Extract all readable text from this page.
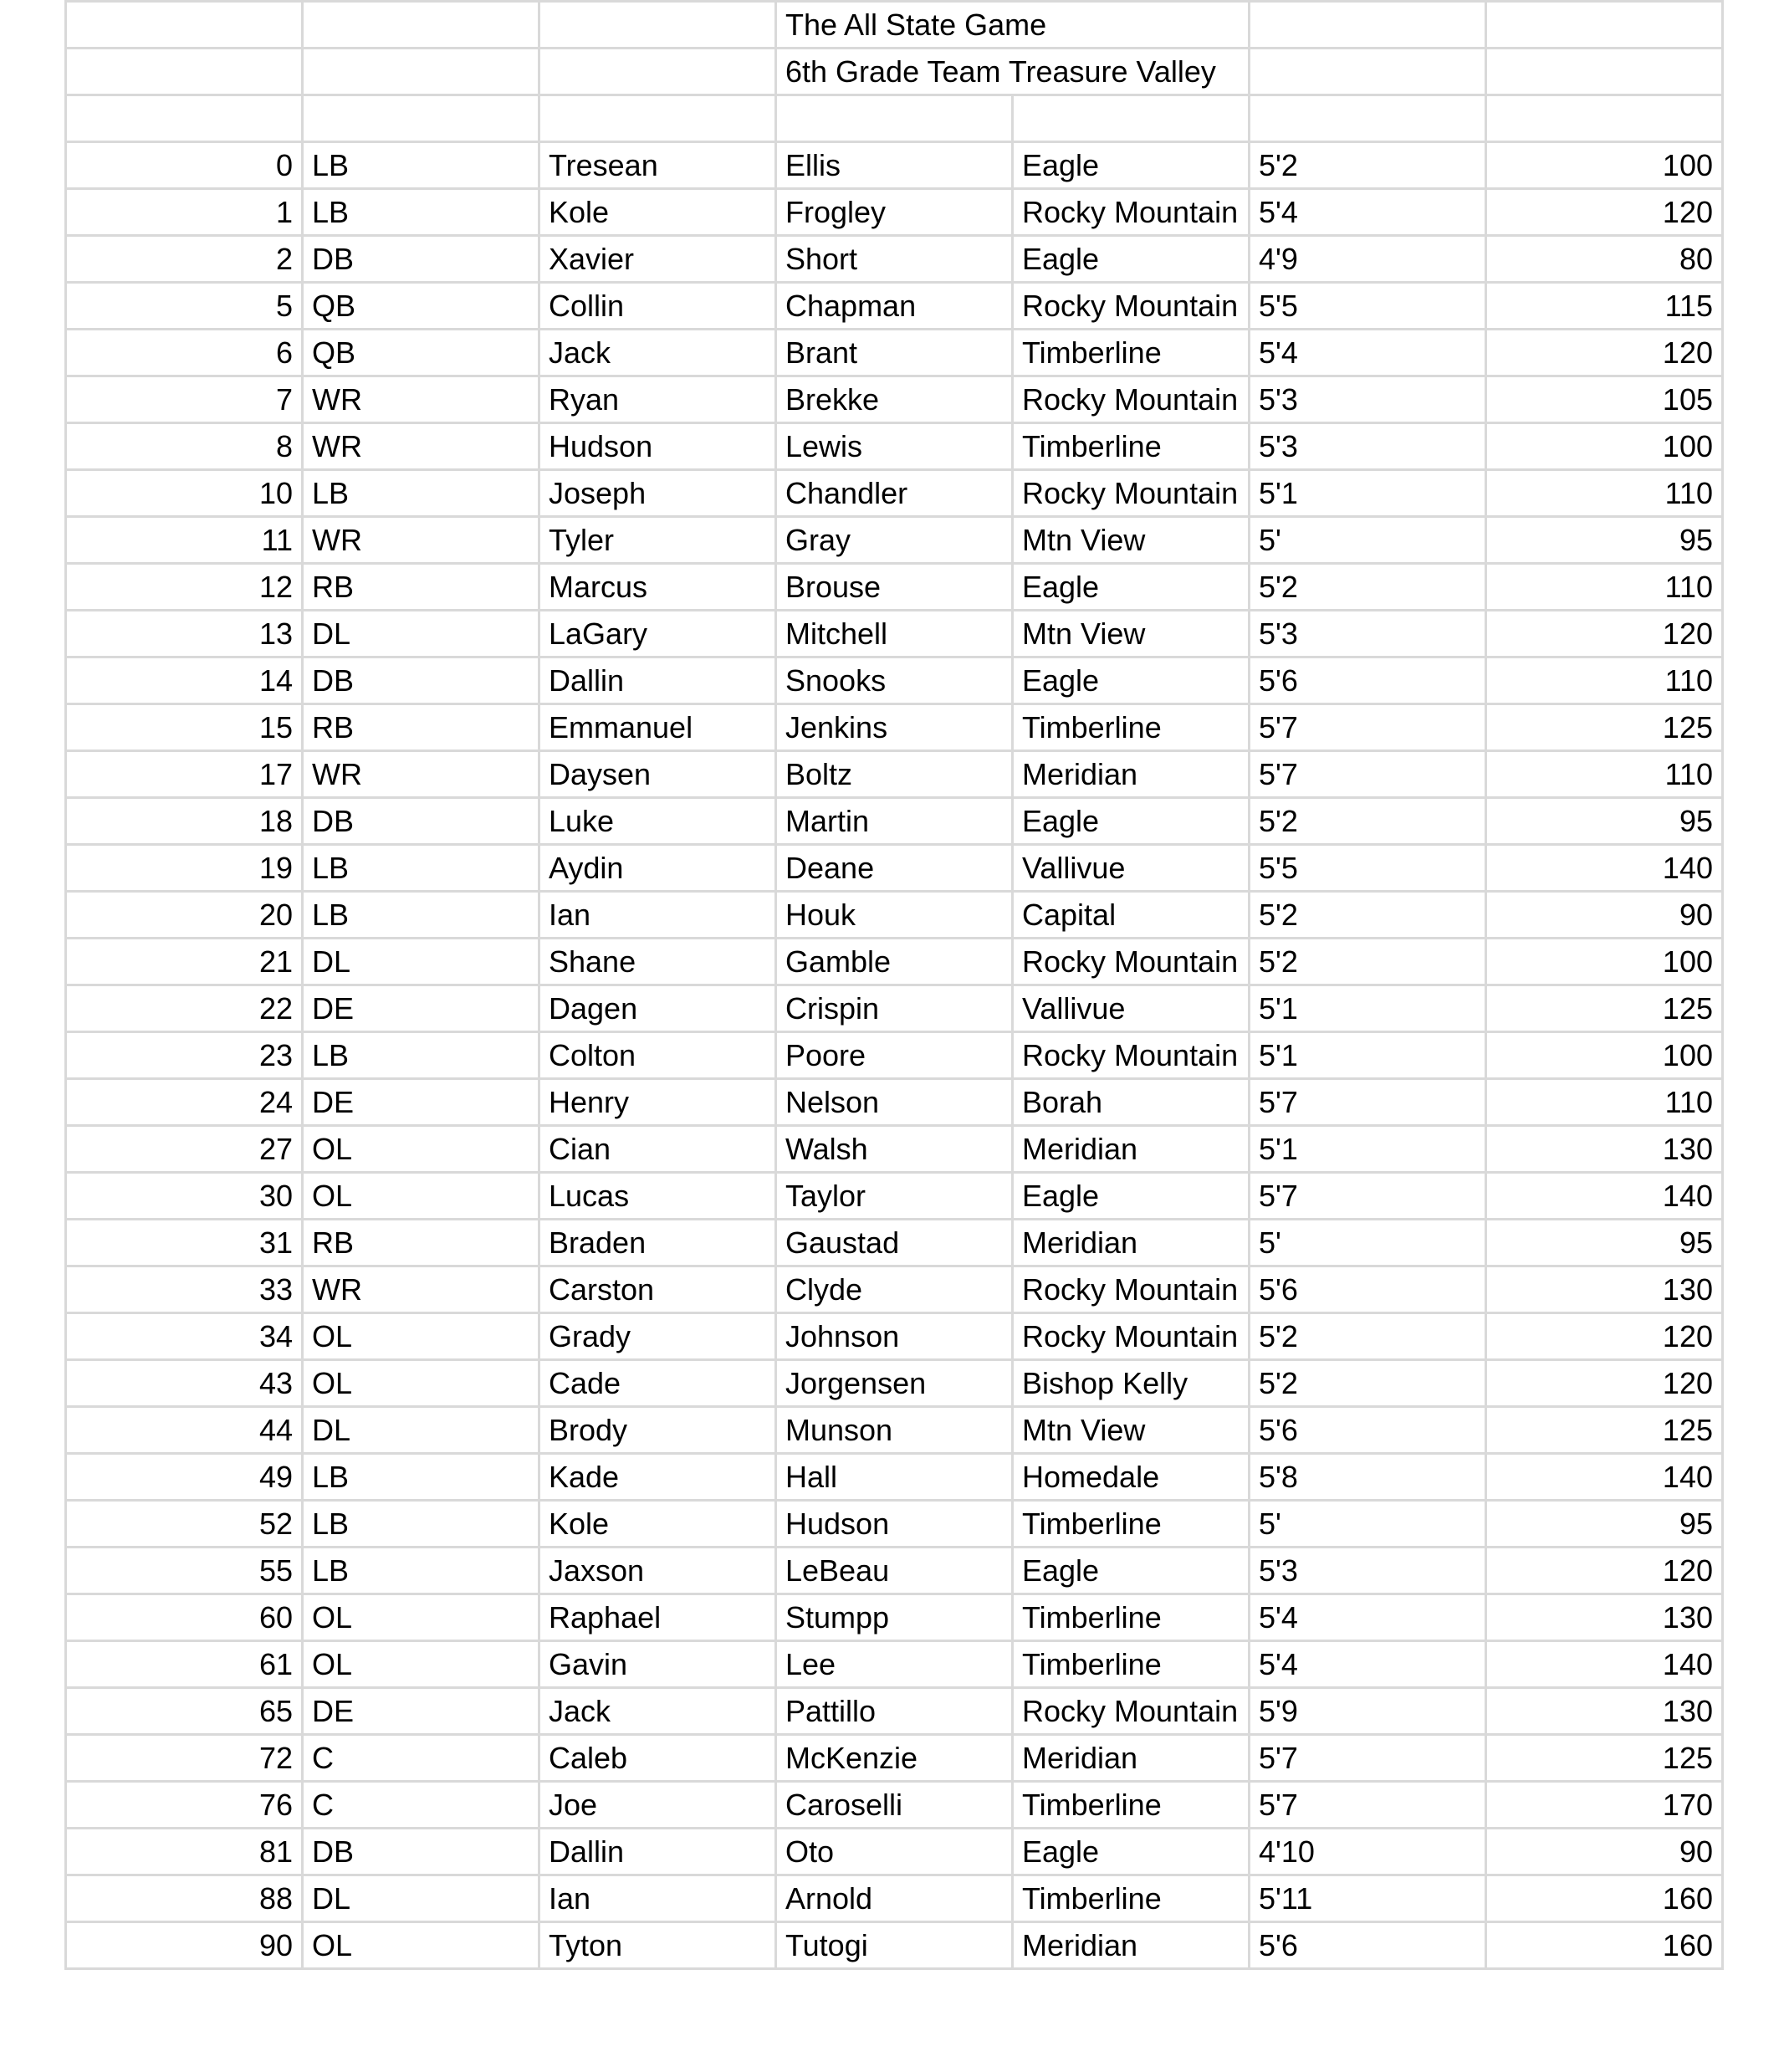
			The All State Game			
			6th Grade Team Treasure Valley			

0	LB	Tresean	Ellis	Eagle	5'2	100
1	LB	Kole	Frogley	Rocky Mountain	5'4	120
2	DB	Xavier	Short	Eagle	4'9	80
5	QB	Collin	Chapman	Rocky Mountain	5'5	115
6	QB	Jack	Brant	Timberline	5'4	120
7	WR	Ryan	Brekke	Rocky Mountain	5'3	105
8	WR	Hudson	Lewis	Timberline	5'3	100
10	LB	Joseph	Chandler	Rocky Mountain	5'1	110
11	WR	Tyler	Gray	Mtn View	5'	95
12	RB	Marcus	Brouse	Eagle	5'2	110
13	DL	LaGary	Mitchell	Mtn View	5'3	120
14	DB	Dallin	Snooks	Eagle	5'6	110
15	RB	Emmanuel	Jenkins	Timberline	5'7	125
17	WR	Daysen	Boltz	Meridian	5'7	110
18	DB	Luke	Martin	Eagle	5'2	95
19	LB	Aydin	Deane	Vallivue	5'5	140
20	LB	Ian	Houk	Capital	5'2	90
21	DL	Shane	Gamble	Rocky Mountain	5'2	100
22	DE	Dagen	Crispin	Vallivue	5'1	125
23	LB	Colton	Poore	Rocky Mountain	5'1	100
24	DE	Henry	Nelson	Borah	5'7	110
27	OL	Cian	Walsh	Meridian	5'1	130
30	OL	Lucas	Taylor	Eagle	5'7	140
31	RB	Braden	Gaustad	Meridian	5'	95
33	WR	Carston	Clyde	Rocky Mountain	5'6	130
34	OL	Grady	Johnson	Rocky Mountain	5'2	120
43	OL	Cade	Jorgensen	Bishop Kelly	5'2	120
44	DL	Brody	Munson	Mtn View	5'6	125
49	LB	Kade	Hall	Homedale	5'8	140
52	LB	Kole	Hudson	Timberline	5'	95
55	LB	Jaxson	LeBeau	Eagle	5'3	120
60	OL	Raphael	Stumpp	Timberline	5'4	130
61	OL	Gavin	Lee	Timberline	5'4	140
65	DE	Jack	Pattillo	Rocky Mountain	5'9	130
72	C	Caleb	McKenzie	Meridian	5'7	125
76	C	Joe	Caroselli	Timberline	5'7	170
81	DB	Dallin	Oto	Eagle	4'10	90
88	DL	Ian	Arnold	Timberline	5'11	160
90	OL	Tyton	Tutogi	Meridian	5'6	160
